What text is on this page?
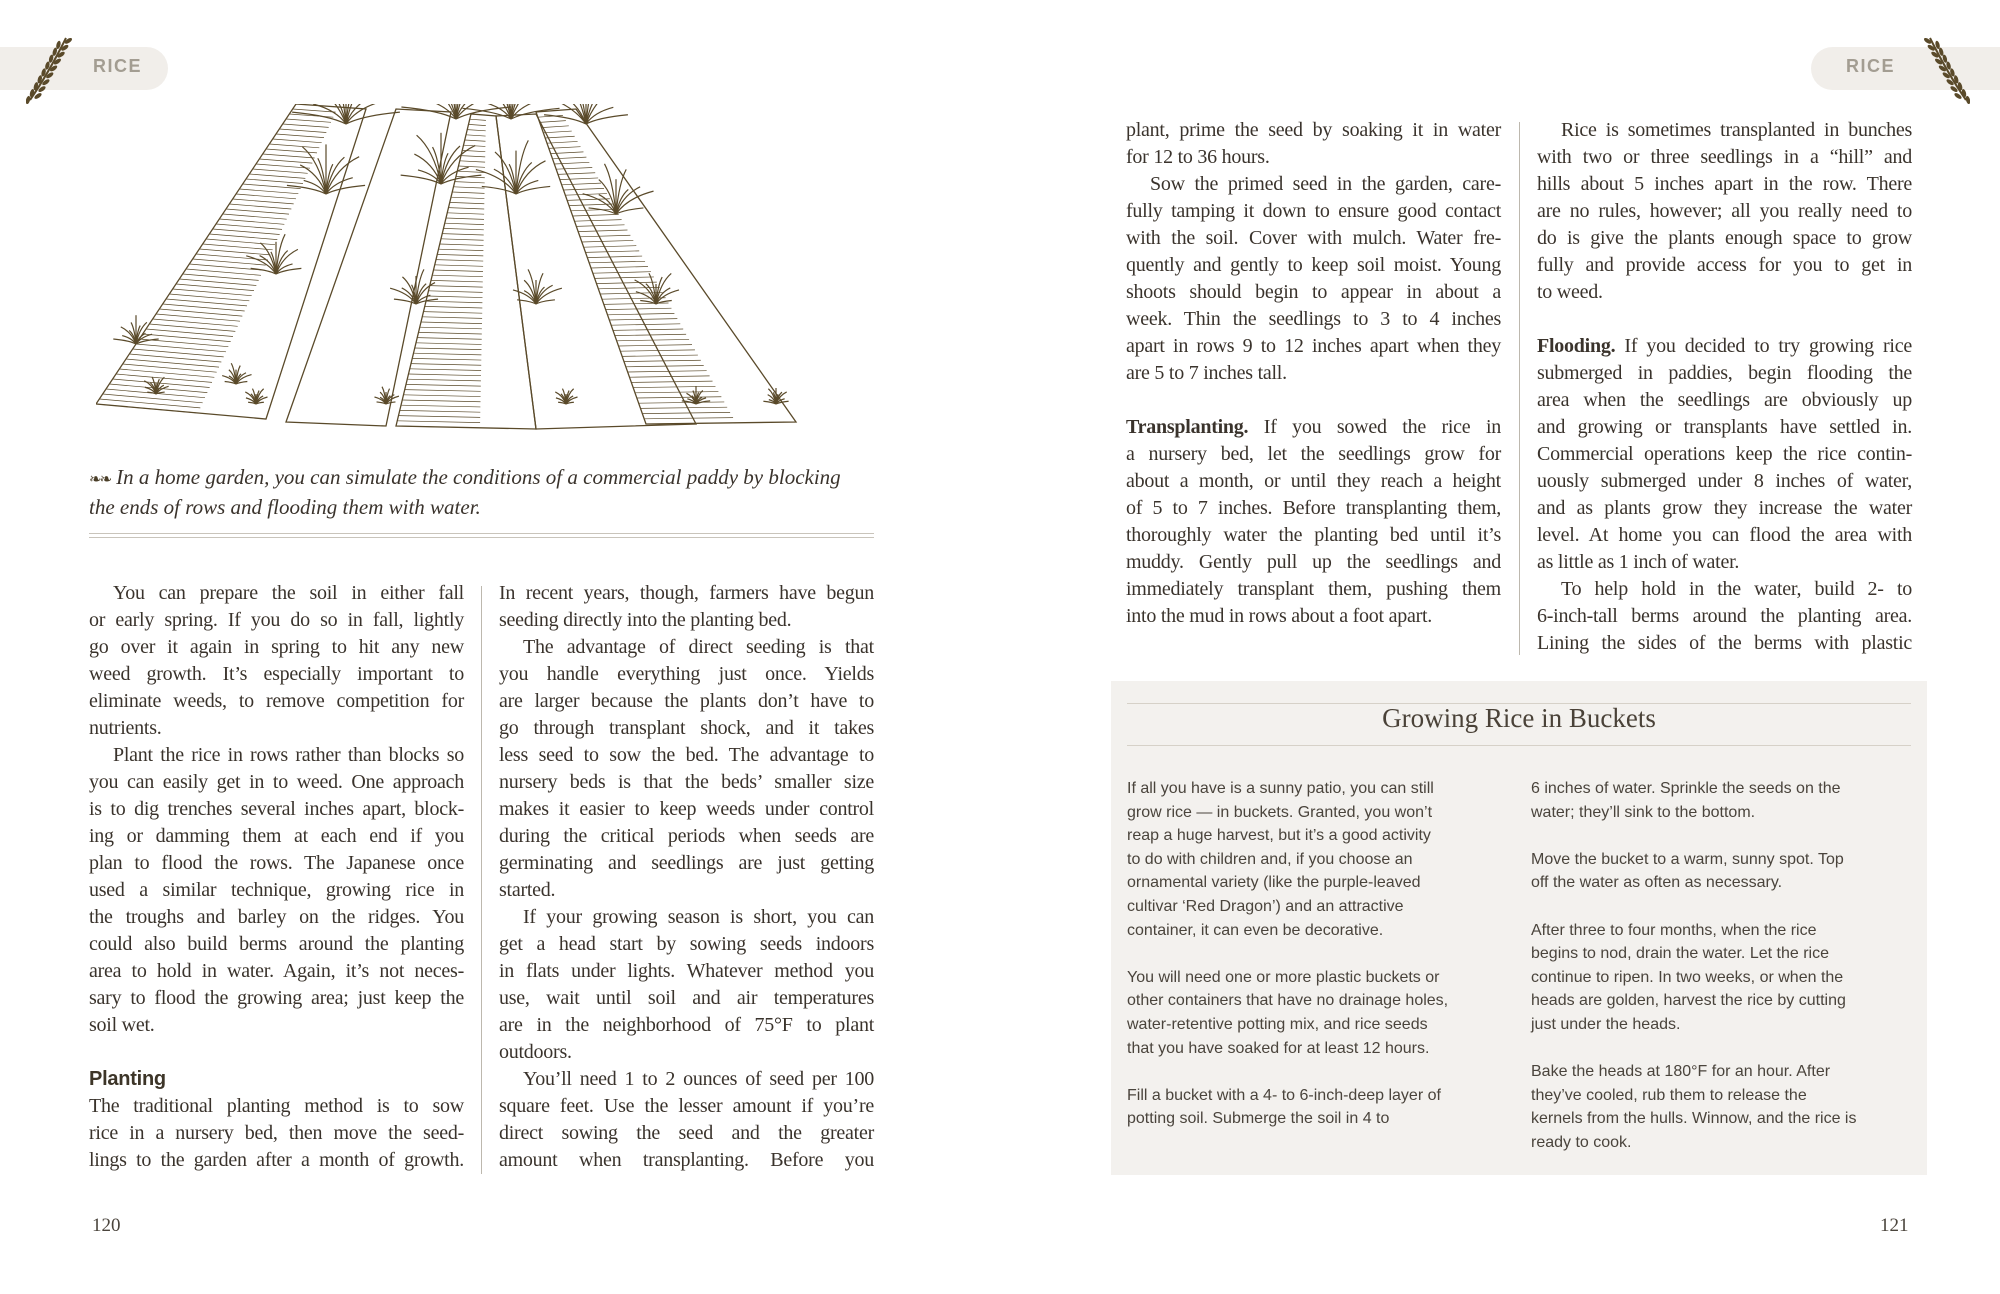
RICE	RICE
❧❧ In a home garden, you can simulate the conditions of a commercial paddy by blocking
the ends of rows and flooding them with water.
You can prepare the soil in either fall
or early spring. If you do so in fall, lightly
go over it again in spring to hit any new
weed growth. It’s especially important to
eliminate weeds, to remove competition for
nutrients.
Plant the rice in rows rather than blocks so
you can easily get in to weed. One approach
is to dig trenches several inches apart, block-
ing or damming them at each end if you
plan to flood the rows. The Japanese once
used a similar technique, growing rice in
the troughs and barley on the ridges. You
could also build berms around the planting
area to hold in water. Again, it’s not neces-
sary to flood the growing area; just keep the
soil wet.
Planting
The traditional planting method is to sow
rice in a nursery bed, then move the seed-
lings to the garden after a month of growth.
In recent years, though, farmers have begun
seeding directly into the planting bed.
The advantage of direct seeding is that
you handle everything just once. Yields
are larger because the plants don’t have to
go through transplant shock, and it takes
less seed to sow the bed. The advantage to
nursery beds is that the beds’ smaller size
makes it easier to keep weeds under control
during the critical periods when seeds are
germinating and seedlings are just getting
started.
If your growing season is short, you can
get a head start by sowing seeds indoors
in flats under lights. Whatever method you
use, wait until soil and air temperatures
are in the neighborhood of 75°F to plant
outdoors.
You’ll need 1 to 2 ounces of seed per 100
square feet. Use the lesser amount if you’re
direct sowing the seed and the greater
amount when transplanting. Before you
plant, prime the seed by soaking it in water
for 12 to 36 hours.
Sow the primed seed in the garden, care-
fully tamping it down to ensure good contact
with the soil. Cover with mulch. Water fre-
quently and gently to keep soil moist. Young
shoots should begin to appear in about a
week. Thin the seedlings to 3 to 4 inches
apart in rows 9 to 12 inches apart when they
are 5 to 7 inches tall.
Transplanting. If you sowed the rice in
a nursery bed, let the seedlings grow for
about a month, or until they reach a height
of 5 to 7 inches. Before transplanting them,
thoroughly water the planting bed until it’s
muddy. Gently pull up the seedlings and
immediately transplant them, pushing them
into the mud in rows about a foot apart.
Rice is sometimes transplanted in bunches
with two or three seedlings in a “hill” and
hills about 5 inches apart in the row. There
are no rules, however; all you really need to
do is give the plants enough space to grow
fully and provide access for you to get in
to weed.
Flooding. If you decided to try growing rice
submerged in paddies, begin flooding the
area when the seedlings are obviously up
and growing or transplants have settled in.
Commercial operations keep the rice contin-
uously submerged under 8 inches of water,
and as plants grow they increase the water
level. At home you can flood the area with
as little as 1 inch of water.
To help hold in the water, build 2- to
6-inch-tall berms around the planting area.
Lining the sides of the berms with plastic
Growing Rice in Buckets
If all you have is a sunny patio, you can still
grow rice — in buckets. Granted, you won’t
reap a huge harvest, but it’s a good activity
to do with children and, if you choose an
ornamental variety (like the purple-leaved
cultivar ‘Red Dragon’) and an attractive
container, it can even be decorative.
You will need one or more plastic buckets or
other containers that have no drainage holes,
water-retentive potting mix, and rice seeds
that you have soaked for at least 12 hours.
Fill a bucket with a 4- to 6-inch-deep layer of
potting soil. Submerge the soil in 4 to
6 inches of water. Sprinkle the seeds on the
water; they’ll sink to the bottom.
Move the bucket to a warm, sunny spot. Top
off the water as often as necessary.
After three to four months, when the rice
begins to nod, drain the water. Let the rice
continue to ripen. In two weeks, or when the
heads are golden, harvest the rice by cutting
just under the heads.
Bake the heads at 180°F for an hour. After
they’ve cooled, rub them to release the
kernels from the hulls. Winnow, and the rice is
ready to cook.
120	121
